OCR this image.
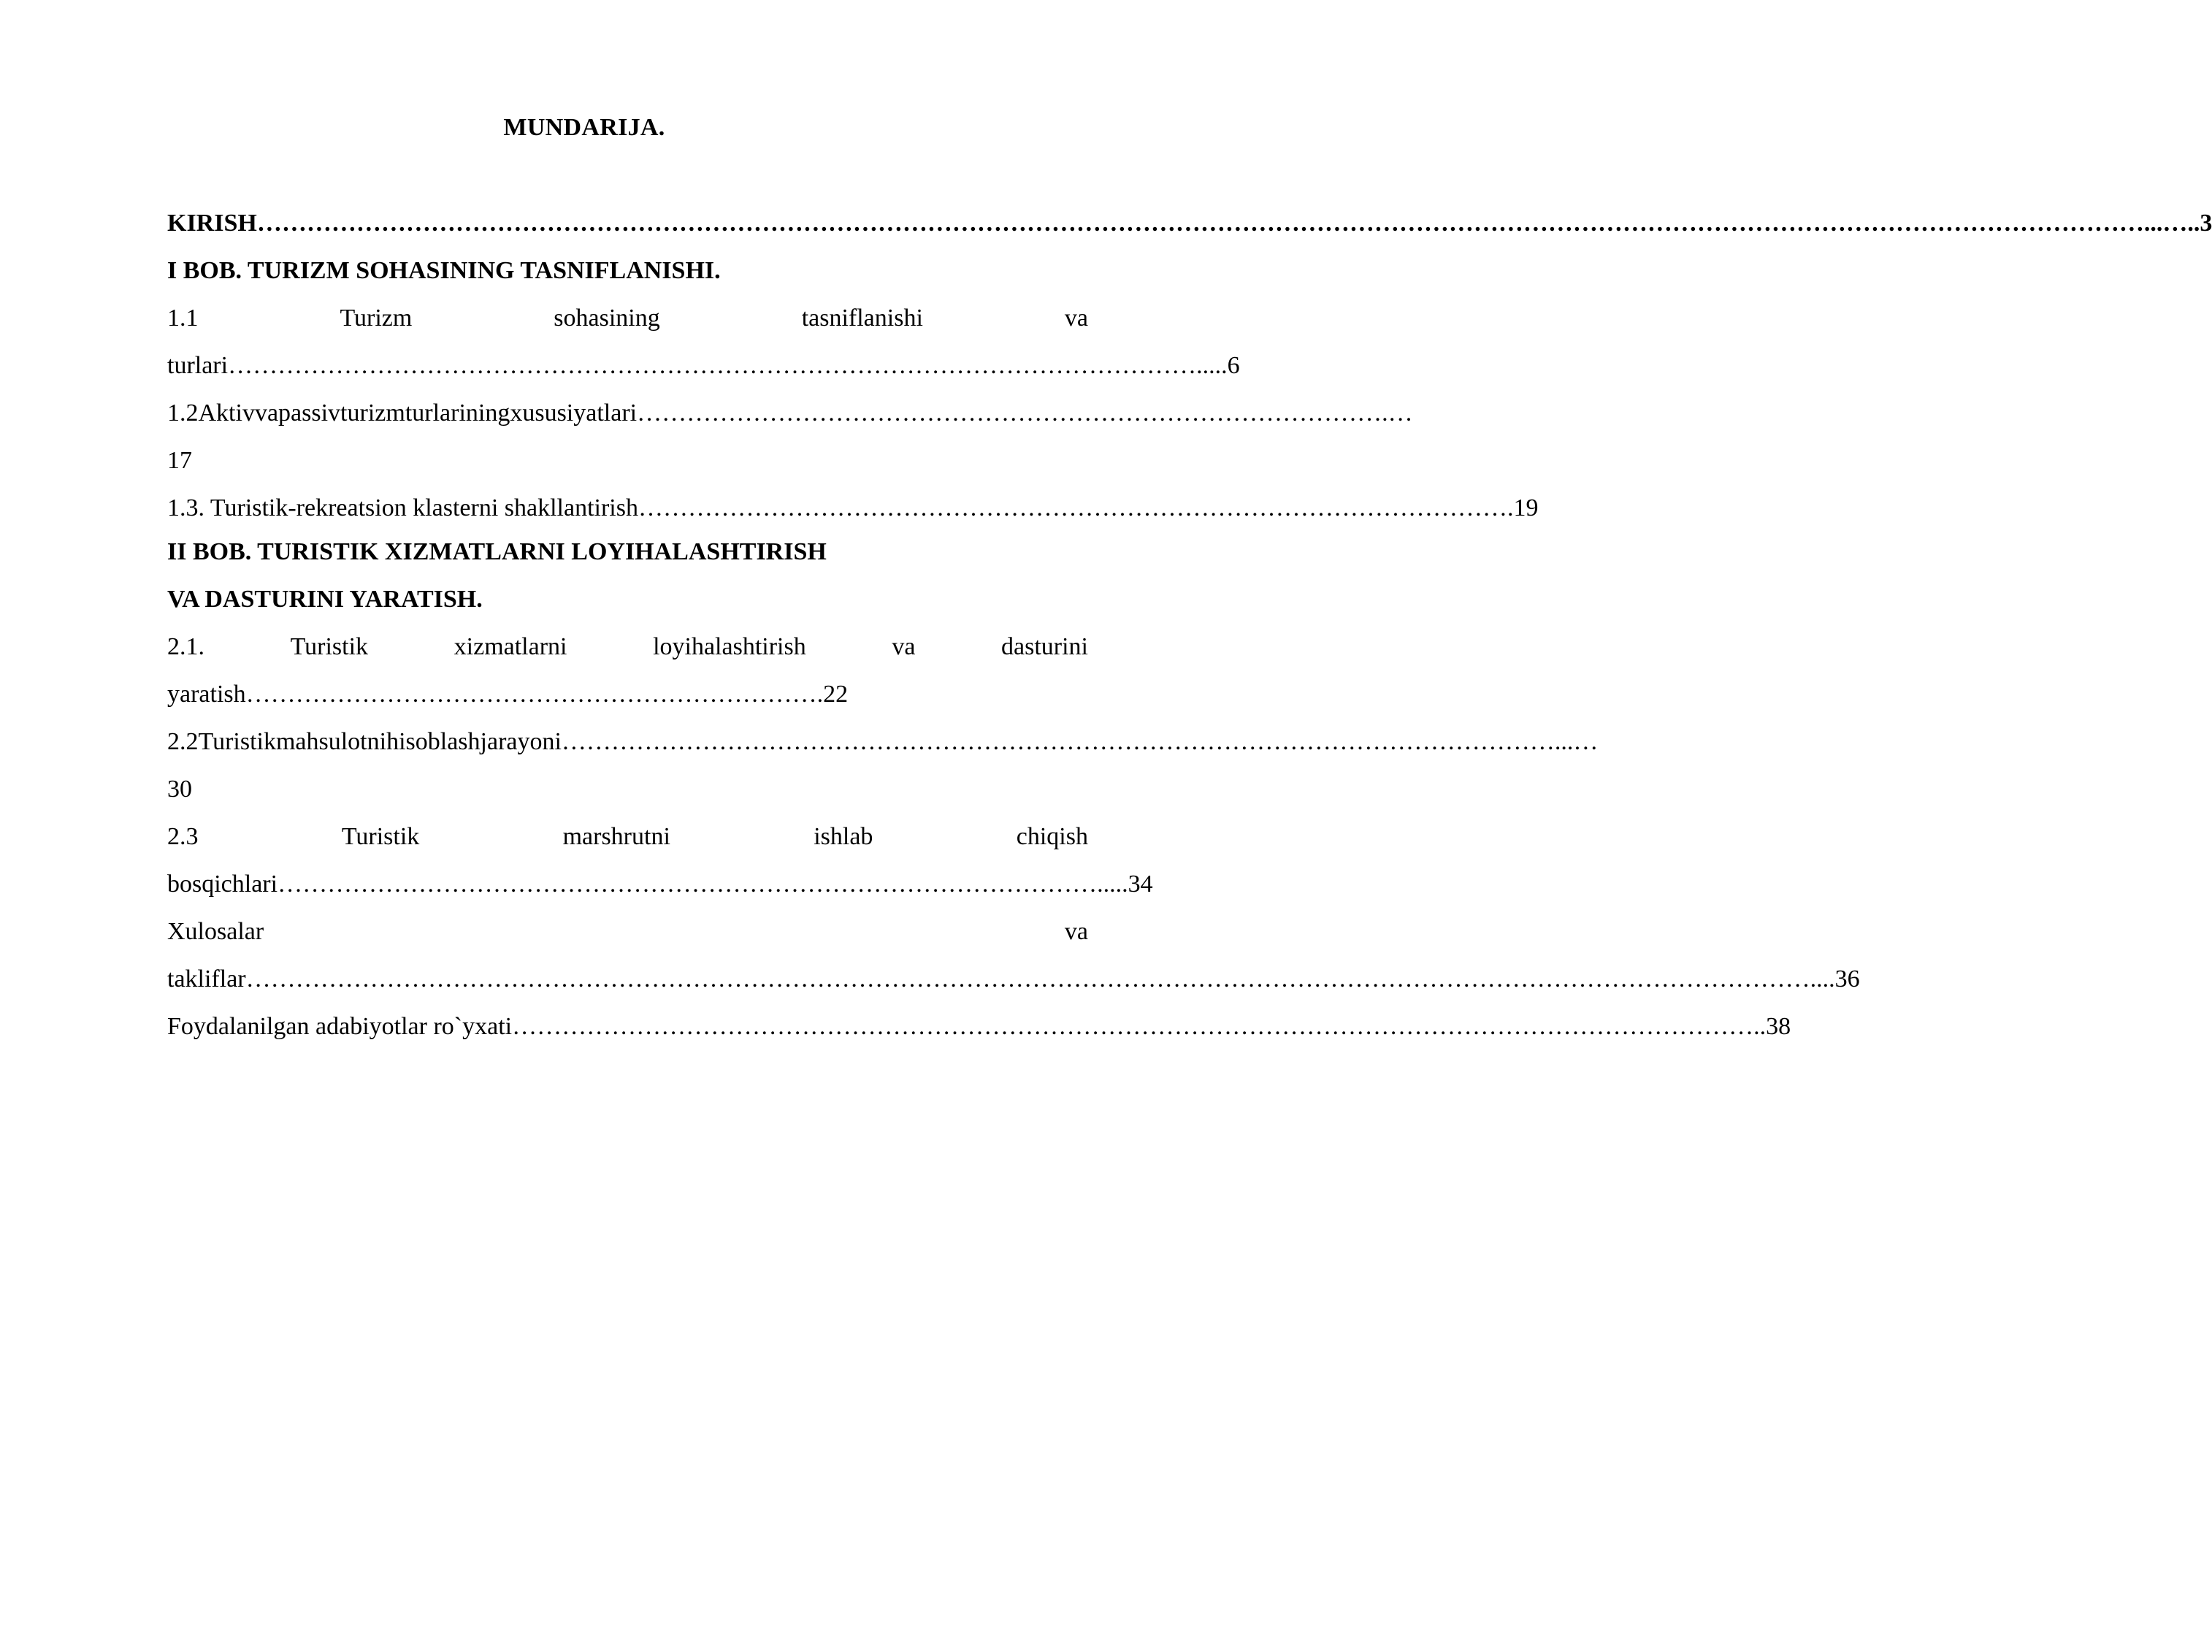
MUNDARIJA.
KIRISH…………………………………………………………………………………………………………………………………………………………………………………………………………...…..3
I BOB. TURIZM SOHASINING TASNIFLANISHI.
1.1	Turizm	sohasining	tasniflanishi	va
turlari……………………………………………………………………………………………………….....6
1.2 Aktiv va passiv turizm turlarining xususiyatlari……………………………………………………………………………….…
17
1.3. Turistik-rekreatsion klasterni shakllantirish…………………………………………………………………………………………….19
II BOB. TURISTIK XIZMATLARNI LOYIHALASHTIRISH
VA DASTURINI YARATISH.
2.1.	Turistik	xizmatlarni	loyihalashtirish	va	dasturini
yaratish…………………………………………………………….22
2.2 Turistik mahsulotni hisoblash jarayoni…………………………………………………………………………………………………………...…
30
2.3	Turistik	marshrutni	ishlab	chiqish
bosqichlari……………………………………………………………………………………….....34
Xulosalar	va
takliflar………………………………………………………………………………………………………………………………………………………………………....36
Foydalanilgan adabiyotlar ro`yxati……………………………………………………………………………………………………………………………………..38
